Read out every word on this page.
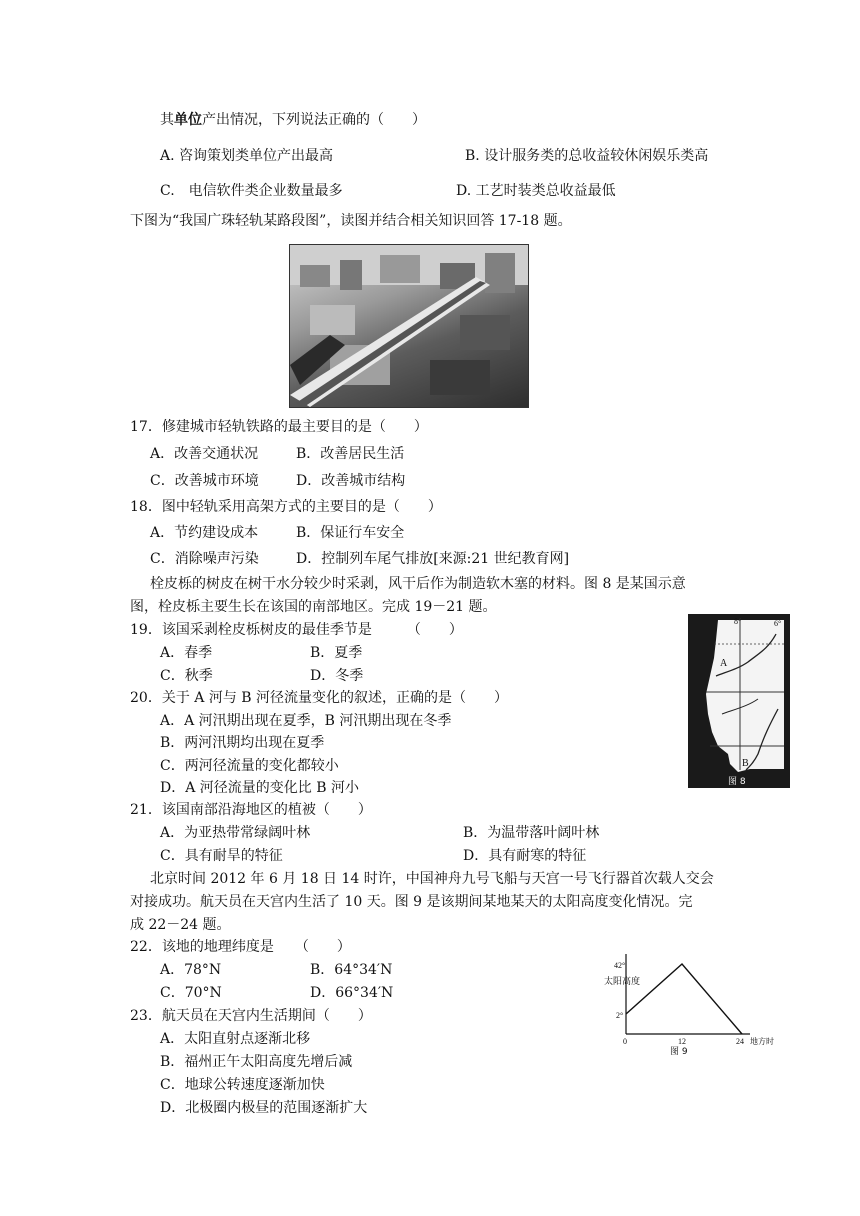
其单位产出情况，下列说法正确的（　　）
A. 咨询策划类单位产出最高	B. 设计服务类的总收益较休闲娱乐类高
C.　电信软件类企业数量最多	D. 工艺时装类总收益最低
下图为“我国广珠轻轨某路段图”，读图并结合相关知识回答 17-18 题。
17．修建城市轻轨铁路的最主要目的是（　　）
A．改善交通状况	B．改善居民生活
C．改善城市环境	D．改善城市结构
18．图中轻轨采用高架方式的主要目的是（　　）
A．节约建设成本	B．保证行车安全
C．消除噪声污染	D．控制列车尾气排放[来源:21 世纪教育网]
栓皮栎的树皮在树干水分较少时采剥，风干后作为制造软木塞的材料。图 8 是某国示意
图，栓皮栎主要生长在该国的南部地区。完成 19－21 题。
19．该国采剥栓皮栎树皮的最佳季节是　　　（　　）
A．春季	B．夏季
C．秋季	D．冬季
20．关于 A 河与 B 河径流量变化的叙述，正确的是（　　）
A．A 河汛期出现在夏季，B 河汛期出现在冬季
B．两河汛期均出现在夏季
C．两河径流量的变化都较小
D．A 河径流量的变化比 B 河小
21．该国南部沿海地区的植被（　　）
A．为亚热带常绿阔叶林	B．为温带落叶阔叶林
C．具有耐旱的特征	D．具有耐寒的特征
北京时间 2012 年 6 月 18 日 14 时许，中国神舟九号飞船与天宫一号飞行器首次载人交会
对接成功。航天员在天宫内生活了 10 天。图 9 是该期间某地某天的太阳高度变化情况。完
成 22－24 题。
22．该地的地理纬度是　　（　　）
A．78°N	B．64°34′N
C．70°N	D．66°34′N
23．航天员在天宫内生活期间（　　）
A．太阳直射点逐渐北移
B．福州正午太阳高度先增后减
C．地球公转速度逐渐加快
D．北极圈内极昼的范围逐渐扩大
A
B
8°	6°
图 8
太阳高度
42°
2°
0	12	24 地方时
图 9
